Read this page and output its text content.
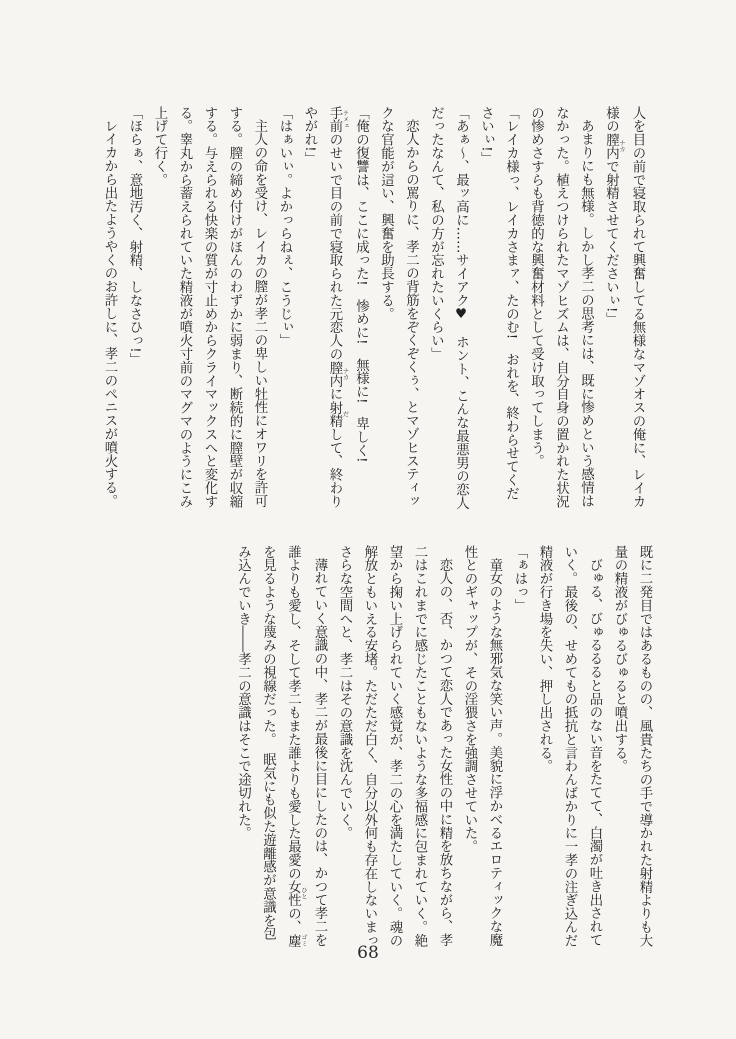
人を目の前で寝取られて興奮してる無様なマゾオスの俺に、レイカ

様の膣内 ナカで射精させてくださいぃ!」

あまりにも無様。しかし孝二の思考には、既に惨めという感情は

なかった。植えつけられたマゾヒズムは、自分自身の置かれた状況

の惨めさすらも背徳的な興奮材料として受け取ってしまう。

「レイカ様っ、レイカさまァ、たのむ!　おれを、終わらせてくだ

さいぃ!」

「あぁ〜、最ッ高に……サイアク♥　ホント、こんな最悪男の恋人

だったなんて、私の方が忘れたいくらい」

恋人からの罵りに、孝二の背筋をぞくぞくぅ、とマゾヒスティッ

クな官能が這い、興奮を助長する。

「俺の復讐は、ここに成った!　惨めに!　無様に!　卑しく!

手前 テメェのせいで目の前で寝取られた元恋人の膣内 ナカに射精 だして、終わり

やがれ!」

「はぁいぃ。よかっらねぇ、こうじぃ」

主人の命を受け、レイカの膣が孝二の卑しい牡性にオワリを許可

する。膣の締め付けがほんのわずかに弱まり、断続的に膣壁が収縮

する。与えられる快楽の質が寸止めからクライマックスへと変化す

る。睾丸から蓄えられていた精液が噴火寸前のマグマのようにこみ

上げて行く。

「ほらぁ、意地汚く、射精、しなさひっ!」

レイカから出たようやくのお許しに、孝二のペニスが噴火する。

既に二発目ではあるものの、風貴たちの手で導かれた射精よりも大

量の精液がびゅるびゅると噴出する。

びゅる、びゅるるると品のない音をたてて、白濁が吐き出されて

いく。最後の、せめてもの抵抗と言わんばかりに一孝の注ぎ込んだ

精液が行き場を失い、押し出される。

「ぁはっ」

童女のような無邪気な笑い声。美貌に浮かべるエロティックな魔

性とのギャップが、その淫猥さを強調させていた。

恋人の、否、かつて恋人であった女性の中に精を放ちながら、孝

二はこれまでに感じたこともないような多福感に包まれていく。絶

望から掬い上げられていく感覚が、孝二の心を満たしていく。魂の

解放ともいえる安堵。ただただ白く、自分以外何も存在しないまっ

さらな空間へと、孝二はその意識を沈んでいく。

薄れていく意識の中、孝二が最後に目にしたのは、かつて孝二を

誰よりも愛し、そして孝二もまた誰よりも愛した最愛の女性 ひとの、塵 ゴミ

を見るような蔑みの視線だった。　眠気にも似た遊離感が意識を包

み込んでいき――孝二の意識はそこで途切れた。

68
